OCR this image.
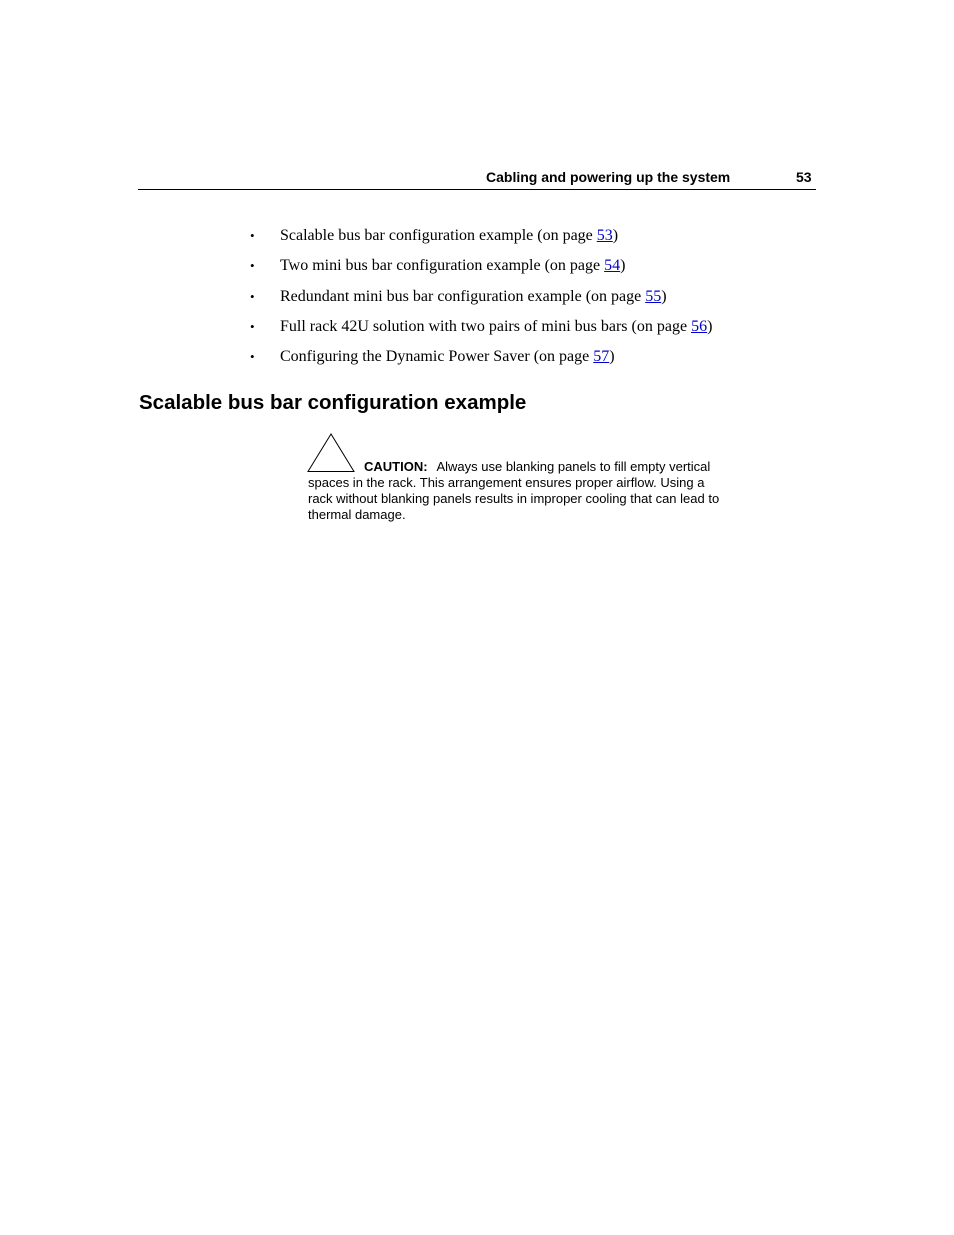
Cabling and powering up the system	53
• Scalable bus bar configuration example (on page 53)
• Two mini bus bar configuration example (on page 54)
• Redundant mini bus bar configuration example (on page 55)
• Full rack 42U solution with two pairs of mini bus bars (on page 56)
• Configuring the Dynamic Power Saver (on page 57)
Scalable bus bar configuration example
CAUTION: Always use blanking panels to fill empty vertical
spaces in the rack. This arrangement ensures proper airflow. Using a
rack without blanking panels results in improper cooling that can lead to
thermal damage.
